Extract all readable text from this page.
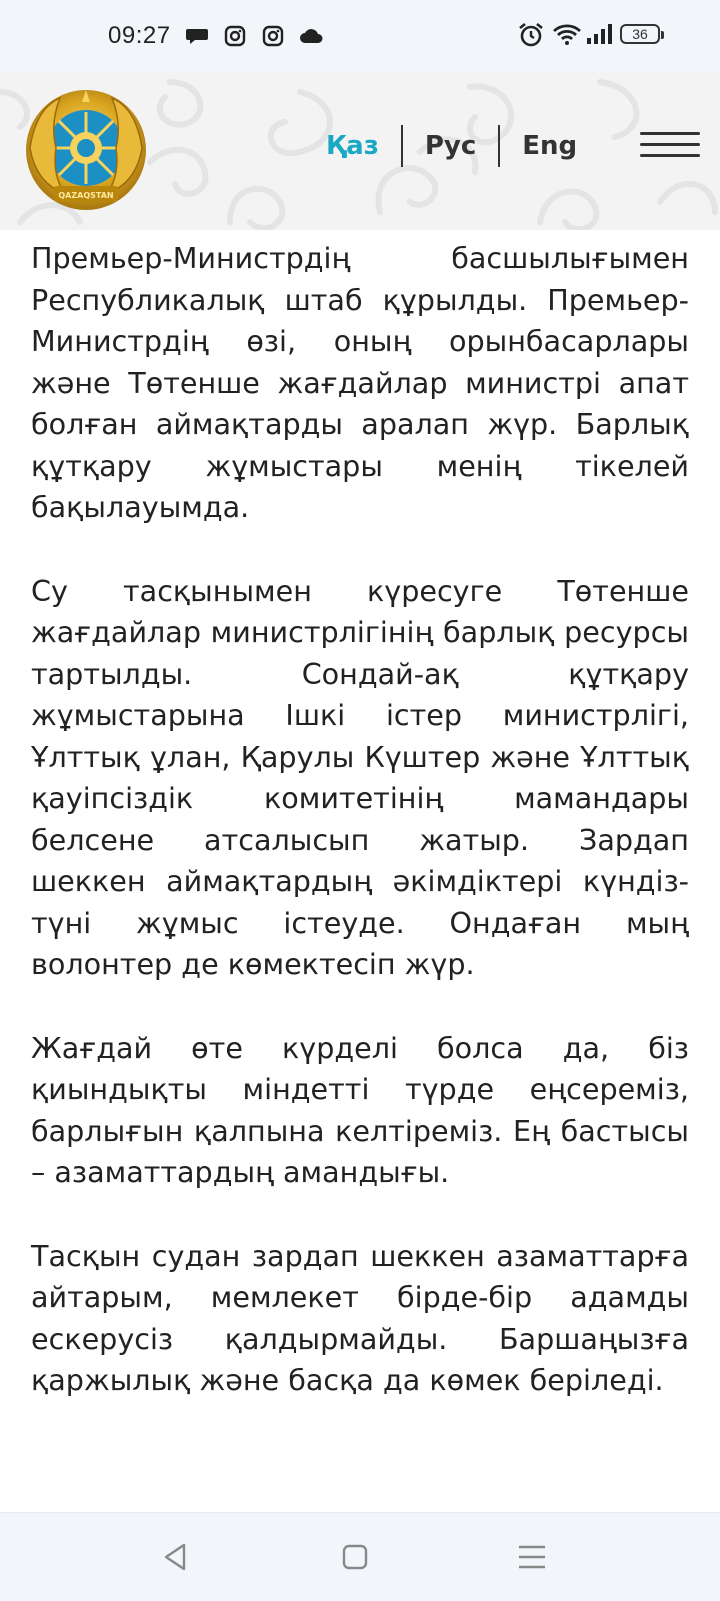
09:27	36
QAZAQSTAN
Қаз	Рус	Eng

Премьер-Министрдің басшылығымен Республикалық штаб құрылды. Премьер-Министрдің өзі, оның орынбасарлары және Төтенше жағдайлар министрі апат болған аймақтарды аралап жүр. Барлық құтқару жұмыстары менің тікелей бақылауымда.

Су тасқынымен күресуге Төтенше жағдайлар министрлігінің барлық ресурсы тартылды. Сондай-ақ құтқару жұмыстарына Ішкі істер министрлігі, Ұлттық ұлан, Қарулы Күштер және Ұлттық қауіпсіздік комитетінің мамандары белсене атсалысып жатыр. Зардап шеккен аймақтардың әкімдіктері күндіз-түні жұмыс істеуде. Ондаған мың волонтер де көмектесіп жүр.

Жағдай өте күрделі болса да, біз қиындықты міндетті түрде еңсереміз, барлығын қалпына келтіреміз. Ең бастысы – азаматтардың амандығы.

Тасқын судан зардап шеккен азаматтарға айтарым, мемлекет бірде-бір адамды ескерусіз қалдырмайды. Баршаңызға қаржылық және басқа да көмек беріледі.
